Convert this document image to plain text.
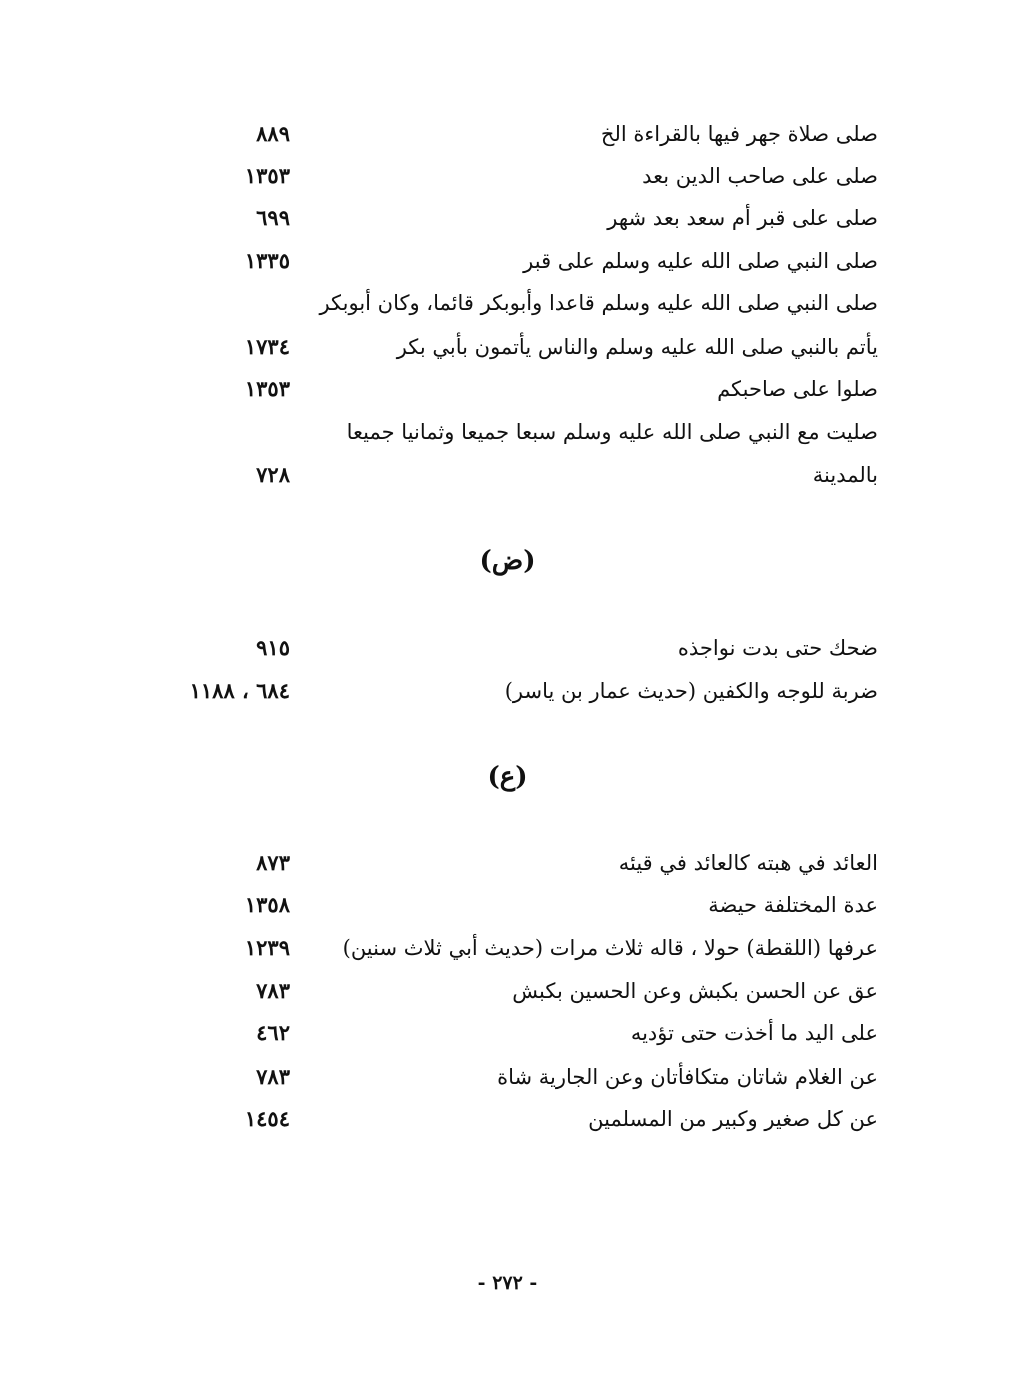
صلى صلاة جهر فيها بالقراءة الخ
٨٨٩
صلى على صاحب الدين بعد
١٣٥٣
صلى على قبر أم سعد بعد شهر
٦٩٩
صلى النبي صلى الله عليه وسلم على قبر
١٣٣٥
صلى النبي صلى الله عليه وسلم قاعدا وأبوبكر قائما، وكان أبوبكر
يأتم بالنبي صلى الله عليه وسلم والناس يأتمون بأبي بكر
١٧٣٤
صلوا على صاحبكم
١٣٥٣
صليت مع النبي صلى الله عليه وسلم سبعا جميعا وثمانيا جميعا
بالمدينة
٧٢٨
(ض)
ضحك حتى بدت نواجذه
٩١٥
ضربة للوجه والكفين (حديث عمار بن ياسر)
٦٨٤ ، ١١٨٨
(ع)
العائد في هبته كالعائد في قيئه
٨٧٣
عدة المختلفة حيضة
١٣٥٨
عرفها (اللقطة) حولا ، قاله ثلاث مرات (حديث أبي ثلاث سنين)
١٢٣٩
عق عن الحسن بكبش وعن الحسين بكبش
٧٨٣
على اليد ما أخذت حتى تؤديه
٤٦٢
عن الغلام شاتان متكافأتان وعن الجارية شاة
٧٨٣
عن كل صغير وكبير من المسلمين
١٤٥٤
- ٢٧٢ -
